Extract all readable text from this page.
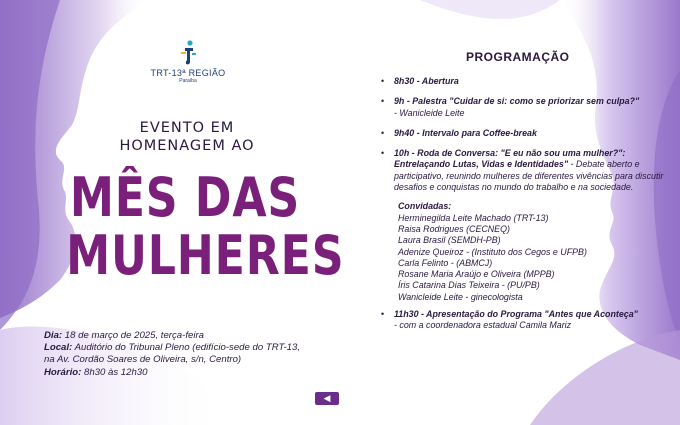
TRT-13ª REGIÃO
Paraíba
EVENTO EM
HOMENAGEM AO
MÊS DAS
MULHERES
Dia: 18 de março de 2025, terça-feira
Local: Auditório do Tribunal Pleno (edifício-sede do TRT-13,
na Av. Cordão Soares de Oliveira, s/n, Centro)
Horário: 8h30 às 12h30
PROGRAMAÇÃO
• 8h30 - Abertura
• 9h - Palestra "Cuidar de si: como se priorizar sem culpa?"
- Wanicleide Leite
• 9h40 - Intervalo para Coffee-break
• 10h - Roda de Conversa: "E eu não sou uma mulher?": Entrelaçando Lutas, Vidas e Identidades" - Debate aberto e participativo, reunindo mulheres de diferentes vivências para discutir desafios e conquistas no mundo do trabalho e na sociedade.
Convidadas:
Herminegilda Leite Machado (TRT-13)
Raisa Rodrigues (CECNEQ)
Laura Brasil (SEMDH-PB)
Adenize Queiroz - (Instituto dos Cegos e UFPB)
Carla Felinto - (ABMCJ)
Rosane Maria Araújo e Oliveira (MPPB)
Íris Catarina Dias Teixeira - (PU/PB)
Wanicleide Leite - ginecologista
• 11h30 - Apresentação do Programa "Antes que Aconteça"
- com a coordenadora estadual Camila Mariz
◀
